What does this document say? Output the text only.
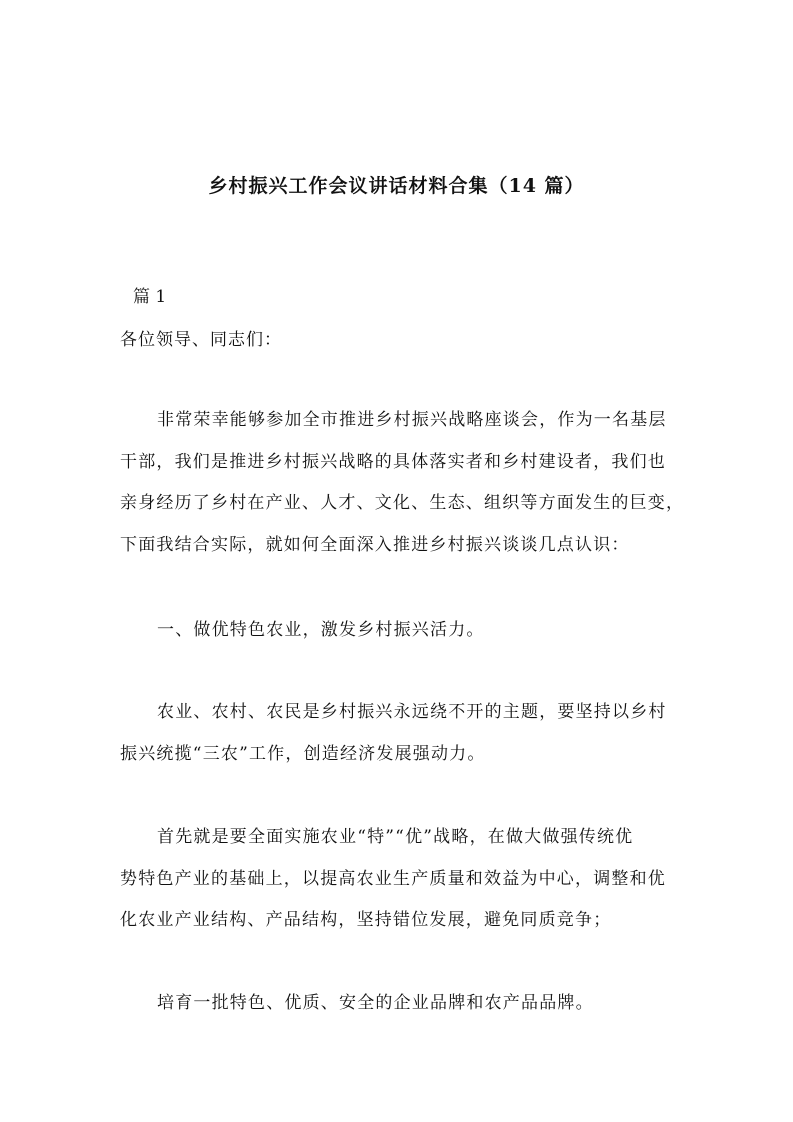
乡村振兴工作会议讲话材料合集（14 篇）
篇 1
各位领导、同志们：
非常荣幸能够参加全市推进乡村振兴战略座谈会，作为一名基层
干部，我们是推进乡村振兴战略的具体落实者和乡村建设者，我们也
亲身经历了乡村在产业、人才、文化、生态、组织等方面发生的巨变，
下面我结合实际，就如何全面深入推进乡村振兴谈谈几点认识：
一、做优特色农业，激发乡村振兴活力。
农业、农村、农民是乡村振兴永远绕不开的主题，要坚持以乡村
振兴统揽“三农”工作，创造经济发展强动力。
首先就是要全面实施农业“特”“优”战略，在做大做强传统优
势特色产业的基础上，以提高农业生产质量和效益为中心，调整和优
化农业产业结构、产品结构，坚持错位发展，避免同质竞争；
培育一批特色、优质、安全的企业品牌和农产品品牌。
